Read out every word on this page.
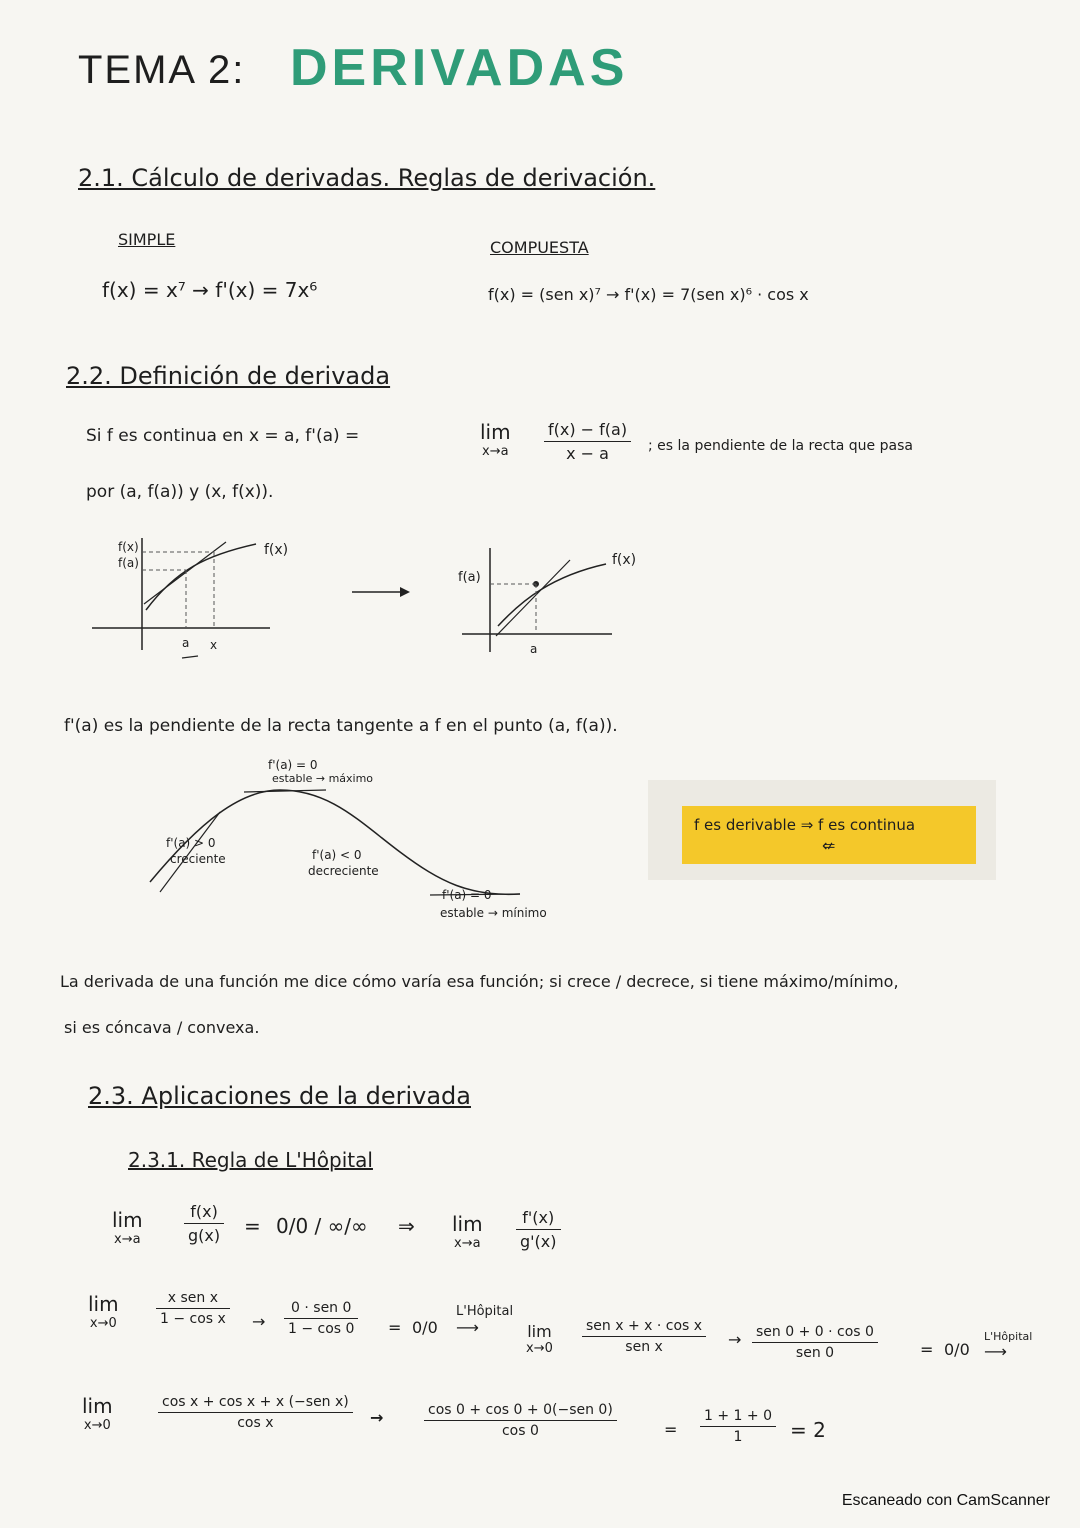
TEMA 2: DERIVADAS
2.1. Cálculo de derivadas. Reglas de derivación.
SIMPLE
f(x) = x⁷ → f'(x) = 7x⁶
COMPUESTA
f(x) = (sen x)⁷ → f'(x) = 7(sen x)⁶ · cos x
2.2. Definición de derivada
Si f es continua en x = a, f'(a) =	lim
$x\to a \frac{f(x) - f(a)}{x - a}$ ; es la pendiente de la recta que pasa
por (a, f(a)) y (x, f(x)).
f(x)
f(a)
f(x)
a x
f(a)
f(x)
a
f'(a) es la pendiente de la recta tangente a f en el punto (a, f(a)).
f'(a) = 0
estable → máximo
f'(a) > 0
creciente	f'(a) < 0
decreciente
f'(a) = 0
estable → mínimo
f es derivable ⇒ f es continua
⇍
La derivada de una función me dice cómo varía esa función; si crece / decrece, si tiene máximo/mínimo,
si es cóncava / convexa.
2.3. Aplicaciones de la derivada
2.3.1. Regla de L'Hôpital
lim
x→a	$\frac{f(x)}{g(x)} = 0/0$ / ∞/∞ ⇒ lim
$x\to a \frac{f'(x)}{g'(x)}$
lim
x→0
x sen x
1 − cos x →
0 · sen 0
1 − cos 0 = 0/0
L'Hôpital
⟶	lim
x→0
sen x + x · cos x
sen x	→ sen 0 + 0 · cos 0
sen 0	= 0/0
L'Hôpital
⟶
lim
x→0
cos x + cos x + x (−sen x)
cos x	→	cos 0 + cos 0 + 0(−sen 0)
cos 0	= $\frac{1 + 1 + 0}{1} = 2$
Escaneado con CamScanner
